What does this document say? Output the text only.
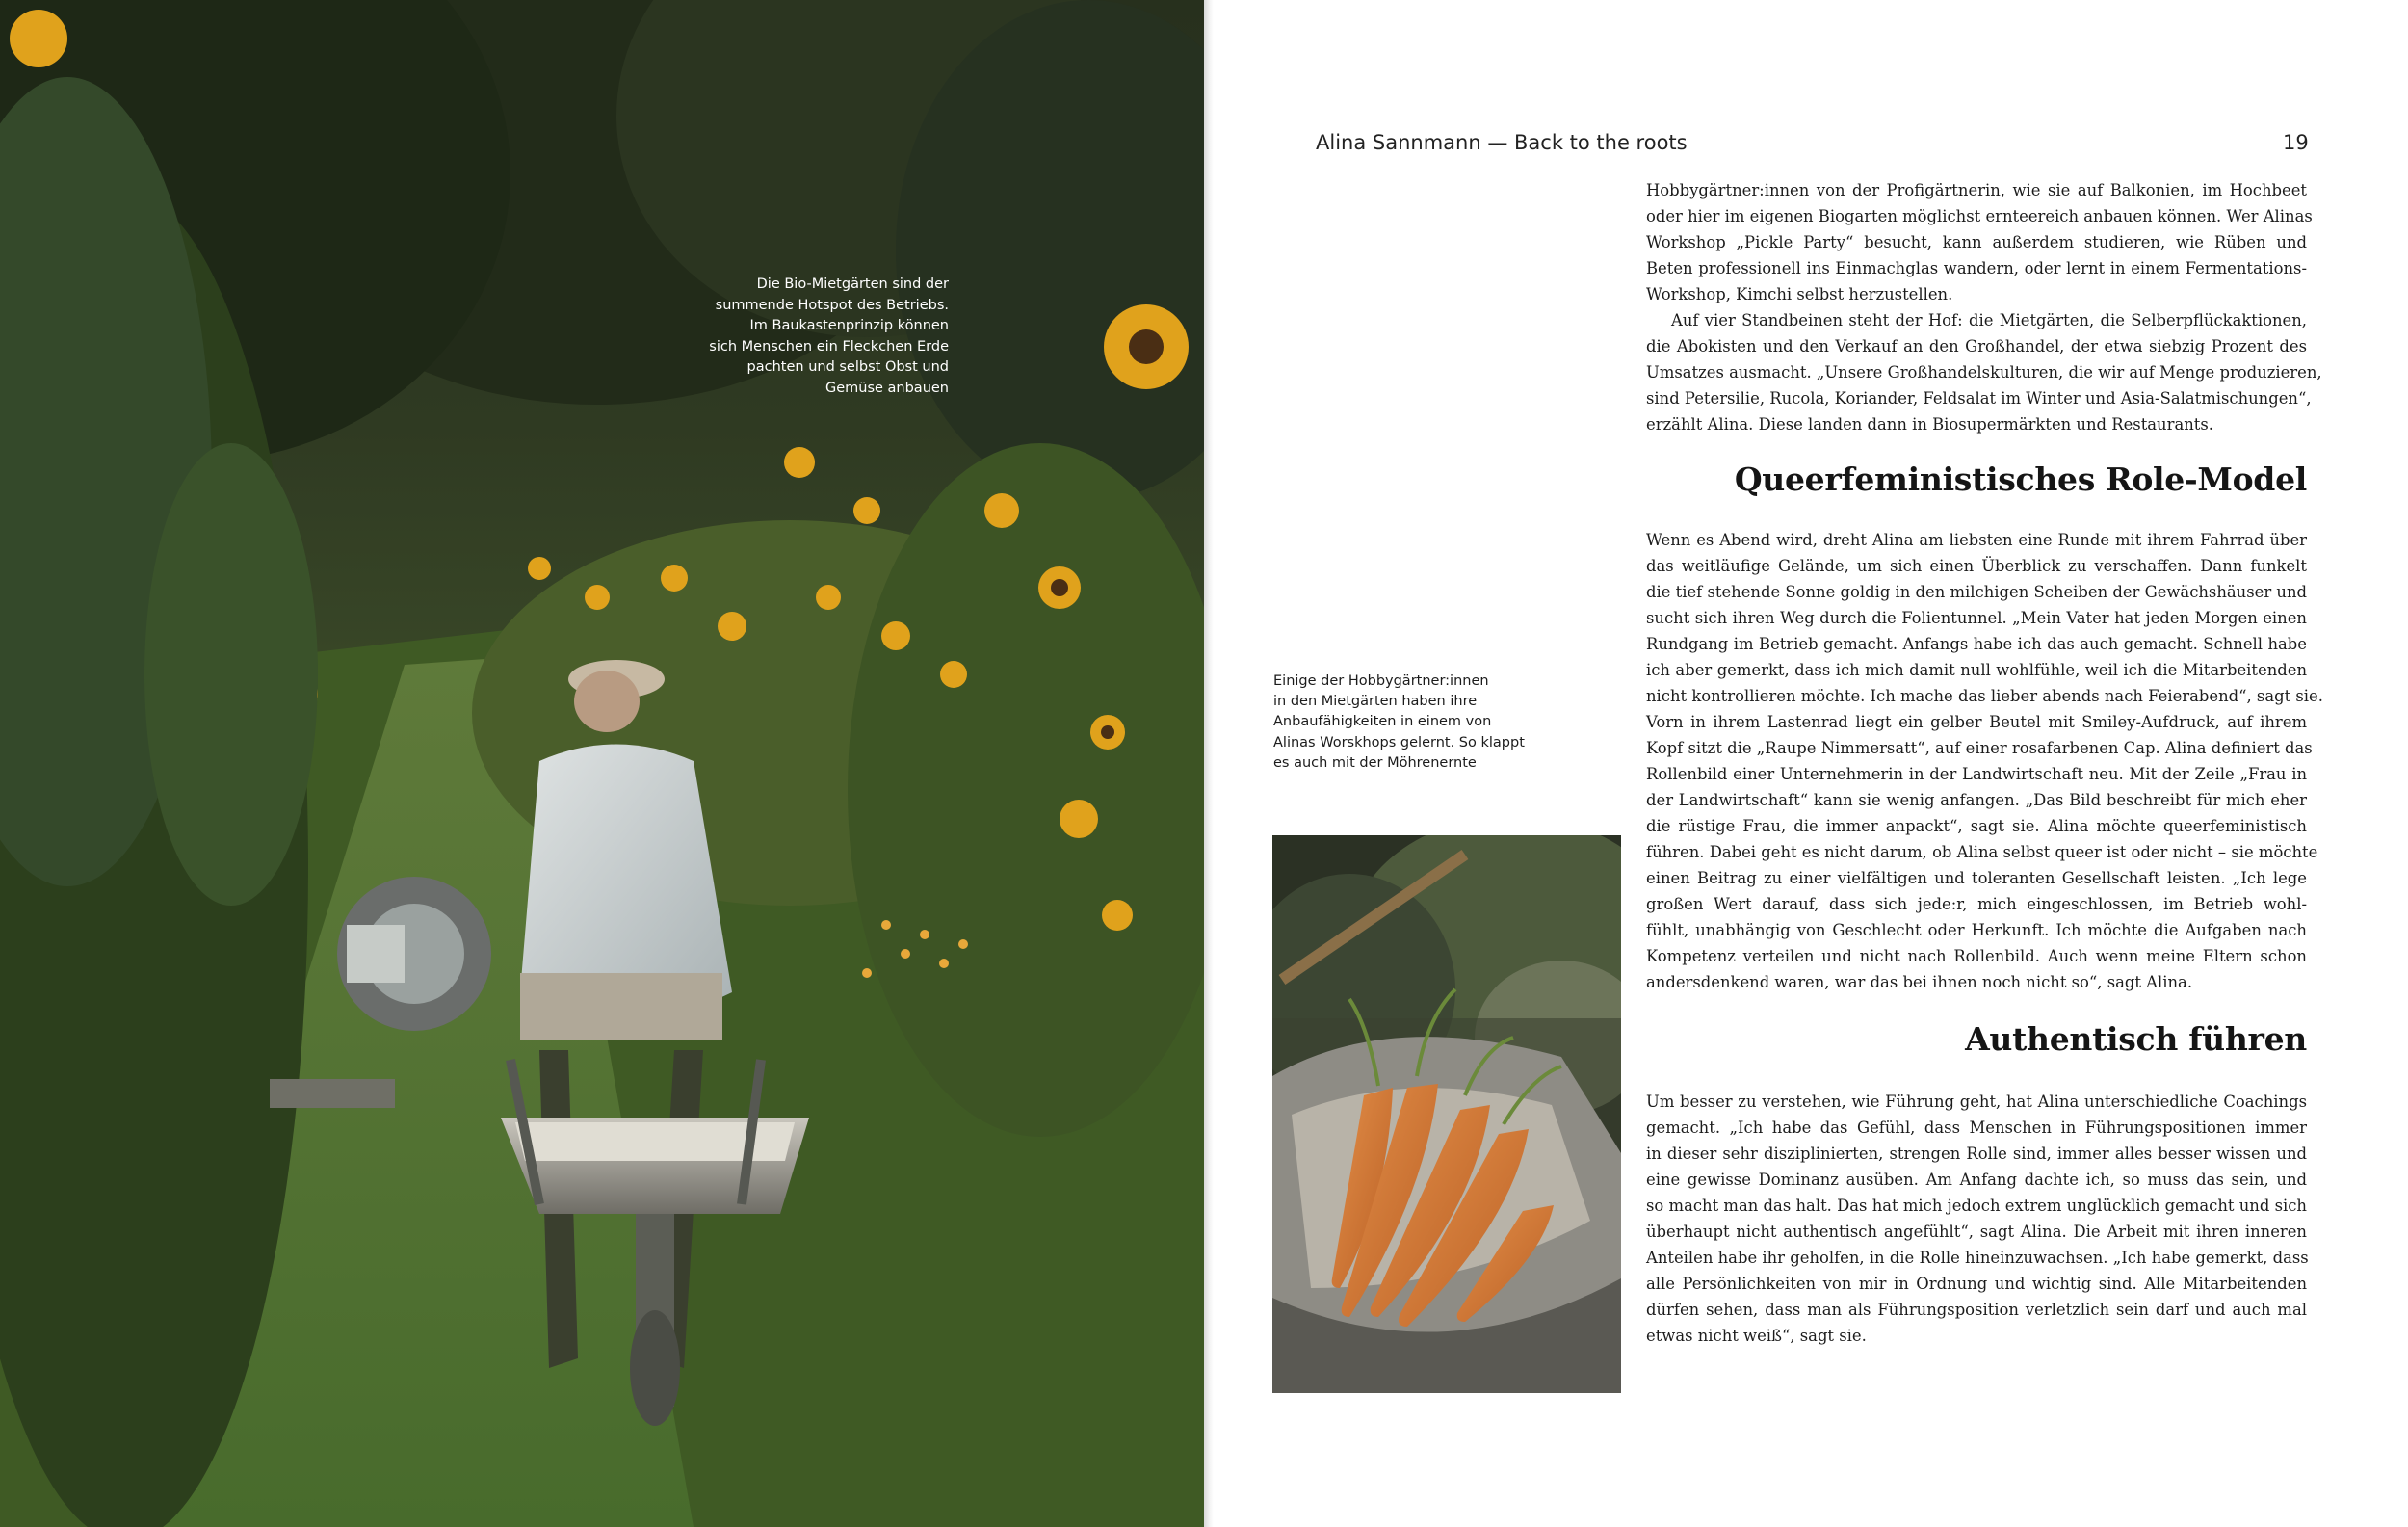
Die Bio-Mietgärten sind der
summende Hotspot des Betriebs.
Im Baukastenprinzip können
sich Menschen ein Fleckchen Erde
pachten und selbst Obst und
Gemüse anbauen
Alina Sannmann — Back to the roots	19
Einige der Hobbygärtner:innen
in den Mietgärten haben ihre
Anbaufähigkeiten in einem von
Alinas Worskhops gelernt. So klappt
es auch mit der Möhrenernte
Hobbygärtner:innen von der Profigärtnerin, wie sie auf Balkonien, im Hochbeet
oder hier im eigenen Biogarten möglichst ernteereich anbauen können. Wer Alinas
Workshop „Pickle Party“ besucht, kann außerdem studieren, wie Rüben und
Beten professionell ins Einmachglas wandern, oder lernt in einem Fermentations-
Workshop, Kimchi selbst herzustellen.
Auf vier Standbeinen steht der Hof: die Mietgärten, die Selberpflückaktionen,
die Abokisten und den Verkauf an den Großhandel, der etwa siebzig Prozent des
Umsatzes ausmacht. „Unsere Großhandelskulturen, die wir auf Menge produzieren,
sind Petersilie, Rucola, Koriander, Feldsalat im Winter und Asia-Salatmischungen“,
erzählt Alina. Diese landen dann in Biosupermärkten und Restaurants.
Queerfeministisches Role-Model
Wenn es Abend wird, dreht Alina am liebsten eine Runde mit ihrem Fahrrad über
das weitläufige Gelände, um sich einen Überblick zu verschaffen. Dann funkelt
die tief stehende Sonne goldig in den milchigen Scheiben der Gewächshäuser und
sucht sich ihren Weg durch die Folientunnel. „Mein Vater hat jeden Morgen einen
Rundgang im Betrieb gemacht. Anfangs habe ich das auch gemacht. Schnell habe
ich aber gemerkt, dass ich mich damit null wohlfühle, weil ich die Mitarbeitenden
nicht kontrollieren möchte. Ich mache das lieber abends nach Feierabend“, sagt sie.
Vorn in ihrem Lastenrad liegt ein gelber Beutel mit Smiley-Aufdruck, auf ihrem
Kopf sitzt die „Raupe Nimmersatt“, auf einer rosafarbenen Cap. Alina definiert das
Rollenbild einer Unternehmerin in der Landwirtschaft neu. Mit der Zeile „Frau in
der Landwirtschaft“ kann sie wenig anfangen. „Das Bild beschreibt für mich eher
die rüstige Frau, die immer anpackt“, sagt sie. Alina möchte queerfeministisch
führen. Dabei geht es nicht darum, ob Alina selbst queer ist oder nicht – sie möchte
einen Beitrag zu einer vielfältigen und toleranten Gesellschaft leisten. „Ich lege
großen Wert darauf, dass sich jede:r, mich eingeschlossen, im Betrieb wohl-
fühlt, unabhängig von Geschlecht oder Herkunft. Ich möchte die Aufgaben nach
Kompetenz verteilen und nicht nach Rollenbild. Auch wenn meine Eltern schon
andersdenkend waren, war das bei ihnen noch nicht so“, sagt Alina.
Authentisch führen
Um besser zu verstehen, wie Führung geht, hat Alina unterschiedliche Coachings
gemacht. „Ich habe das Gefühl, dass Menschen in Führungspositionen immer
in dieser sehr disziplinierten, strengen Rolle sind, immer alles besser wissen und
eine gewisse Dominanz ausüben. Am Anfang dachte ich, so muss das sein, und
so macht man das halt. Das hat mich jedoch extrem unglücklich gemacht und sich
überhaupt nicht authentisch angefühlt“, sagt Alina. Die Arbeit mit ihren inneren
Anteilen habe ihr geholfen, in die Rolle hineinzuwachsen. „Ich habe gemerkt, dass
alle Persönlichkeiten von mir in Ordnung und wichtig sind. Alle Mitarbeitenden
dürfen sehen, dass man als Führungsposition verletzlich sein darf und auch mal
etwas nicht weiß“, sagt sie.
